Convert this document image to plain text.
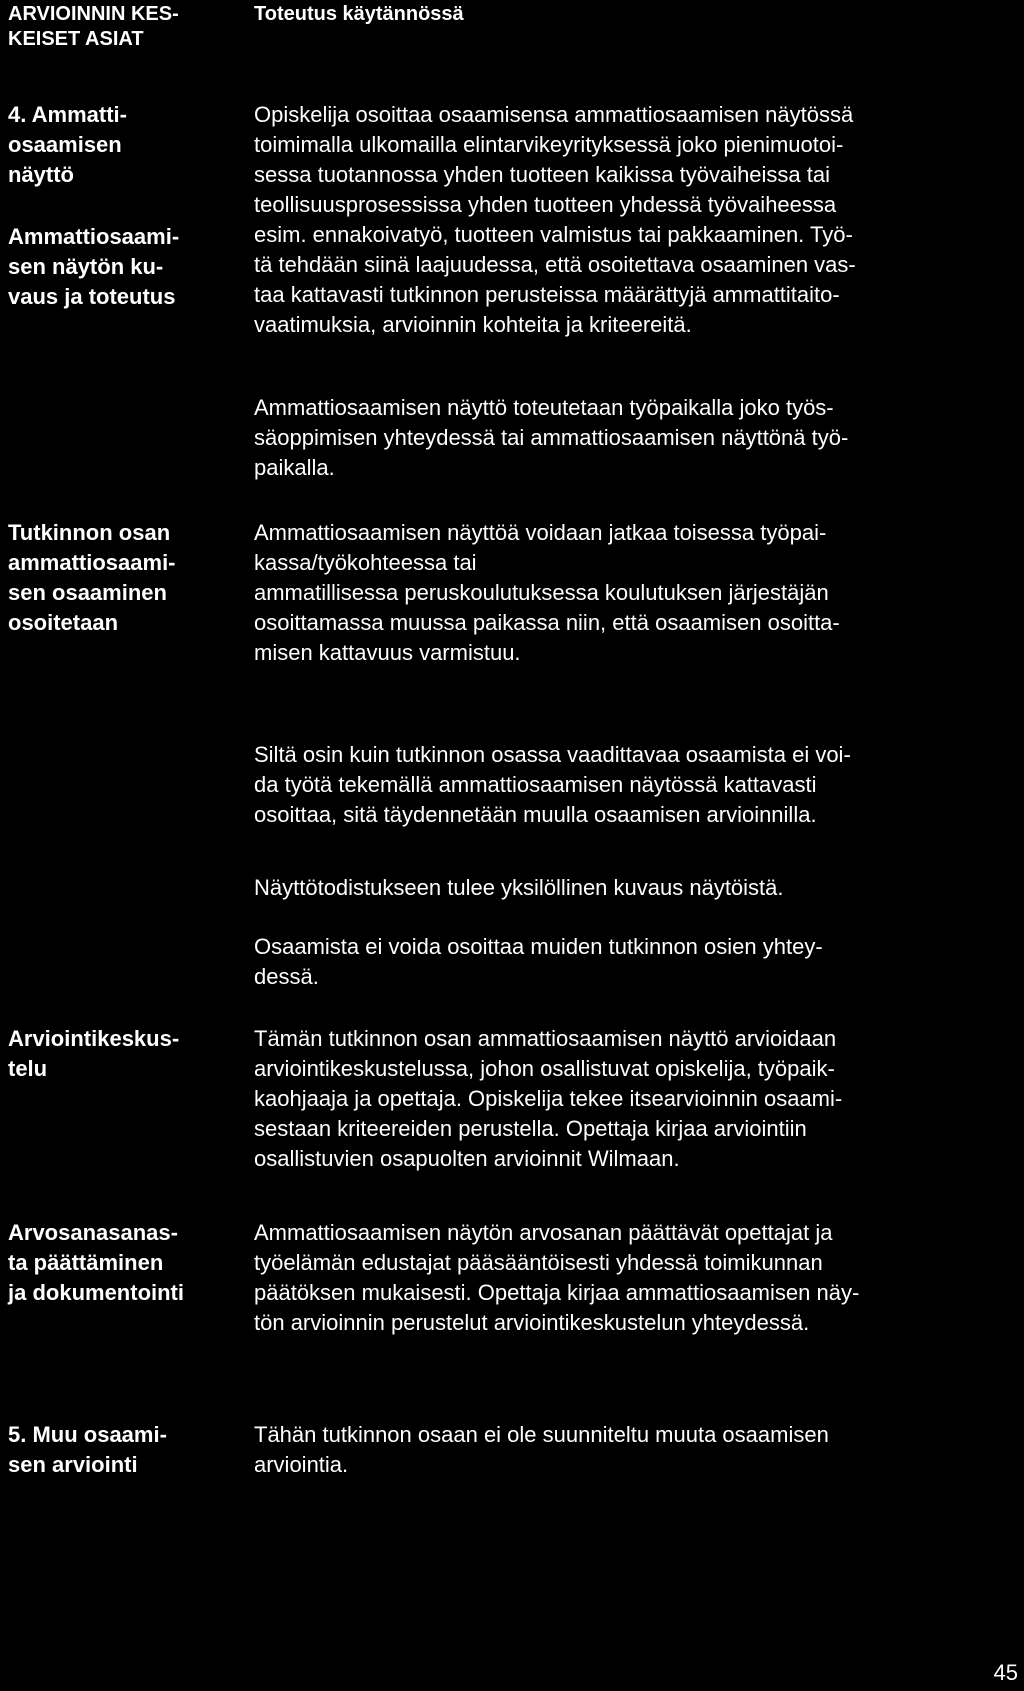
ARVIOINNIN KES-
KEISET ASIAT
Toteutus käytännössä
4. Ammatti-
osaamisen
näyttö
Ammattiosaami-
sen näytön ku-
vaus ja toteutus
Opiskelija osoittaa osaamisensa ammattiosaamisen näytössä
toimimalla ulkomailla elintarvikeyrityksessä joko pienimuotoi-
sessa tuotannossa yhden tuotteen kaikissa työvaiheissa tai
teollisuusprosessissa yhden tuotteen yhdessä työvaiheessa
esim. ennakoivatyö, tuotteen valmistus tai pakkaaminen. Työ-
tä tehdään siinä laajuudessa, että osoitettava osaaminen vas-
taa kattavasti tutkinnon perusteissa määrättyjä ammattitaito-
vaatimuksia, arvioinnin kohteita ja kriteereitä.
Ammattiosaamisen näyttö toteutetaan työpaikalla joko työs-
säoppimisen yhteydessä tai ammattiosaamisen näyttönä työ-
paikalla.
Tutkinnon osan
ammattiosaami-
sen osaaminen
osoitetaan
Ammattiosaamisen näyttöä voidaan jatkaa toisessa työpai-
kassa/työkohteessa tai
ammatillisessa peruskoulutuksessa koulutuksen järjestäjän
osoittamassa muussa paikassa niin, että osaamisen osoitta-
misen kattavuus varmistuu.
Siltä osin kuin tutkinnon osassa vaadittavaa osaamista ei voi-
da työtä tekemällä ammattiosaamisen näytössä kattavasti
osoittaa, sitä täydennetään muulla osaamisen arvioinnilla.
Näyttötodistukseen tulee yksilöllinen kuvaus näytöistä.
Osaamista ei voida osoittaa muiden tutkinnon osien yhtey-
dessä.
Arviointikeskus-
telu
Tämän tutkinnon osan ammattiosaamisen näyttö arvioidaan
arviointikeskustelussa, johon osallistuvat opiskelija, työpaik-
kaohjaaja ja opettaja. Opiskelija tekee itsearvioinnin osaami-
sestaan kriteereiden perustella. Opettaja kirjaa arviointiin
osallistuvien osapuolten arvioinnit Wilmaan.
Arvosanasanas-
ta päättäminen
ja dokumentointi
Ammattiosaamisen näytön arvosanan päättävät opettajat ja
työelämän edustajat pääsääntöisesti yhdessä toimikunnan
päätöksen mukaisesti. Opettaja kirjaa ammattiosaamisen näy-
tön arvioinnin perustelut arviointikeskustelun yhteydessä.
5. Muu osaami-
sen arviointi
Tähän tutkinnon osaan ei ole suunniteltu muuta osaamisen
arviointia.
45
